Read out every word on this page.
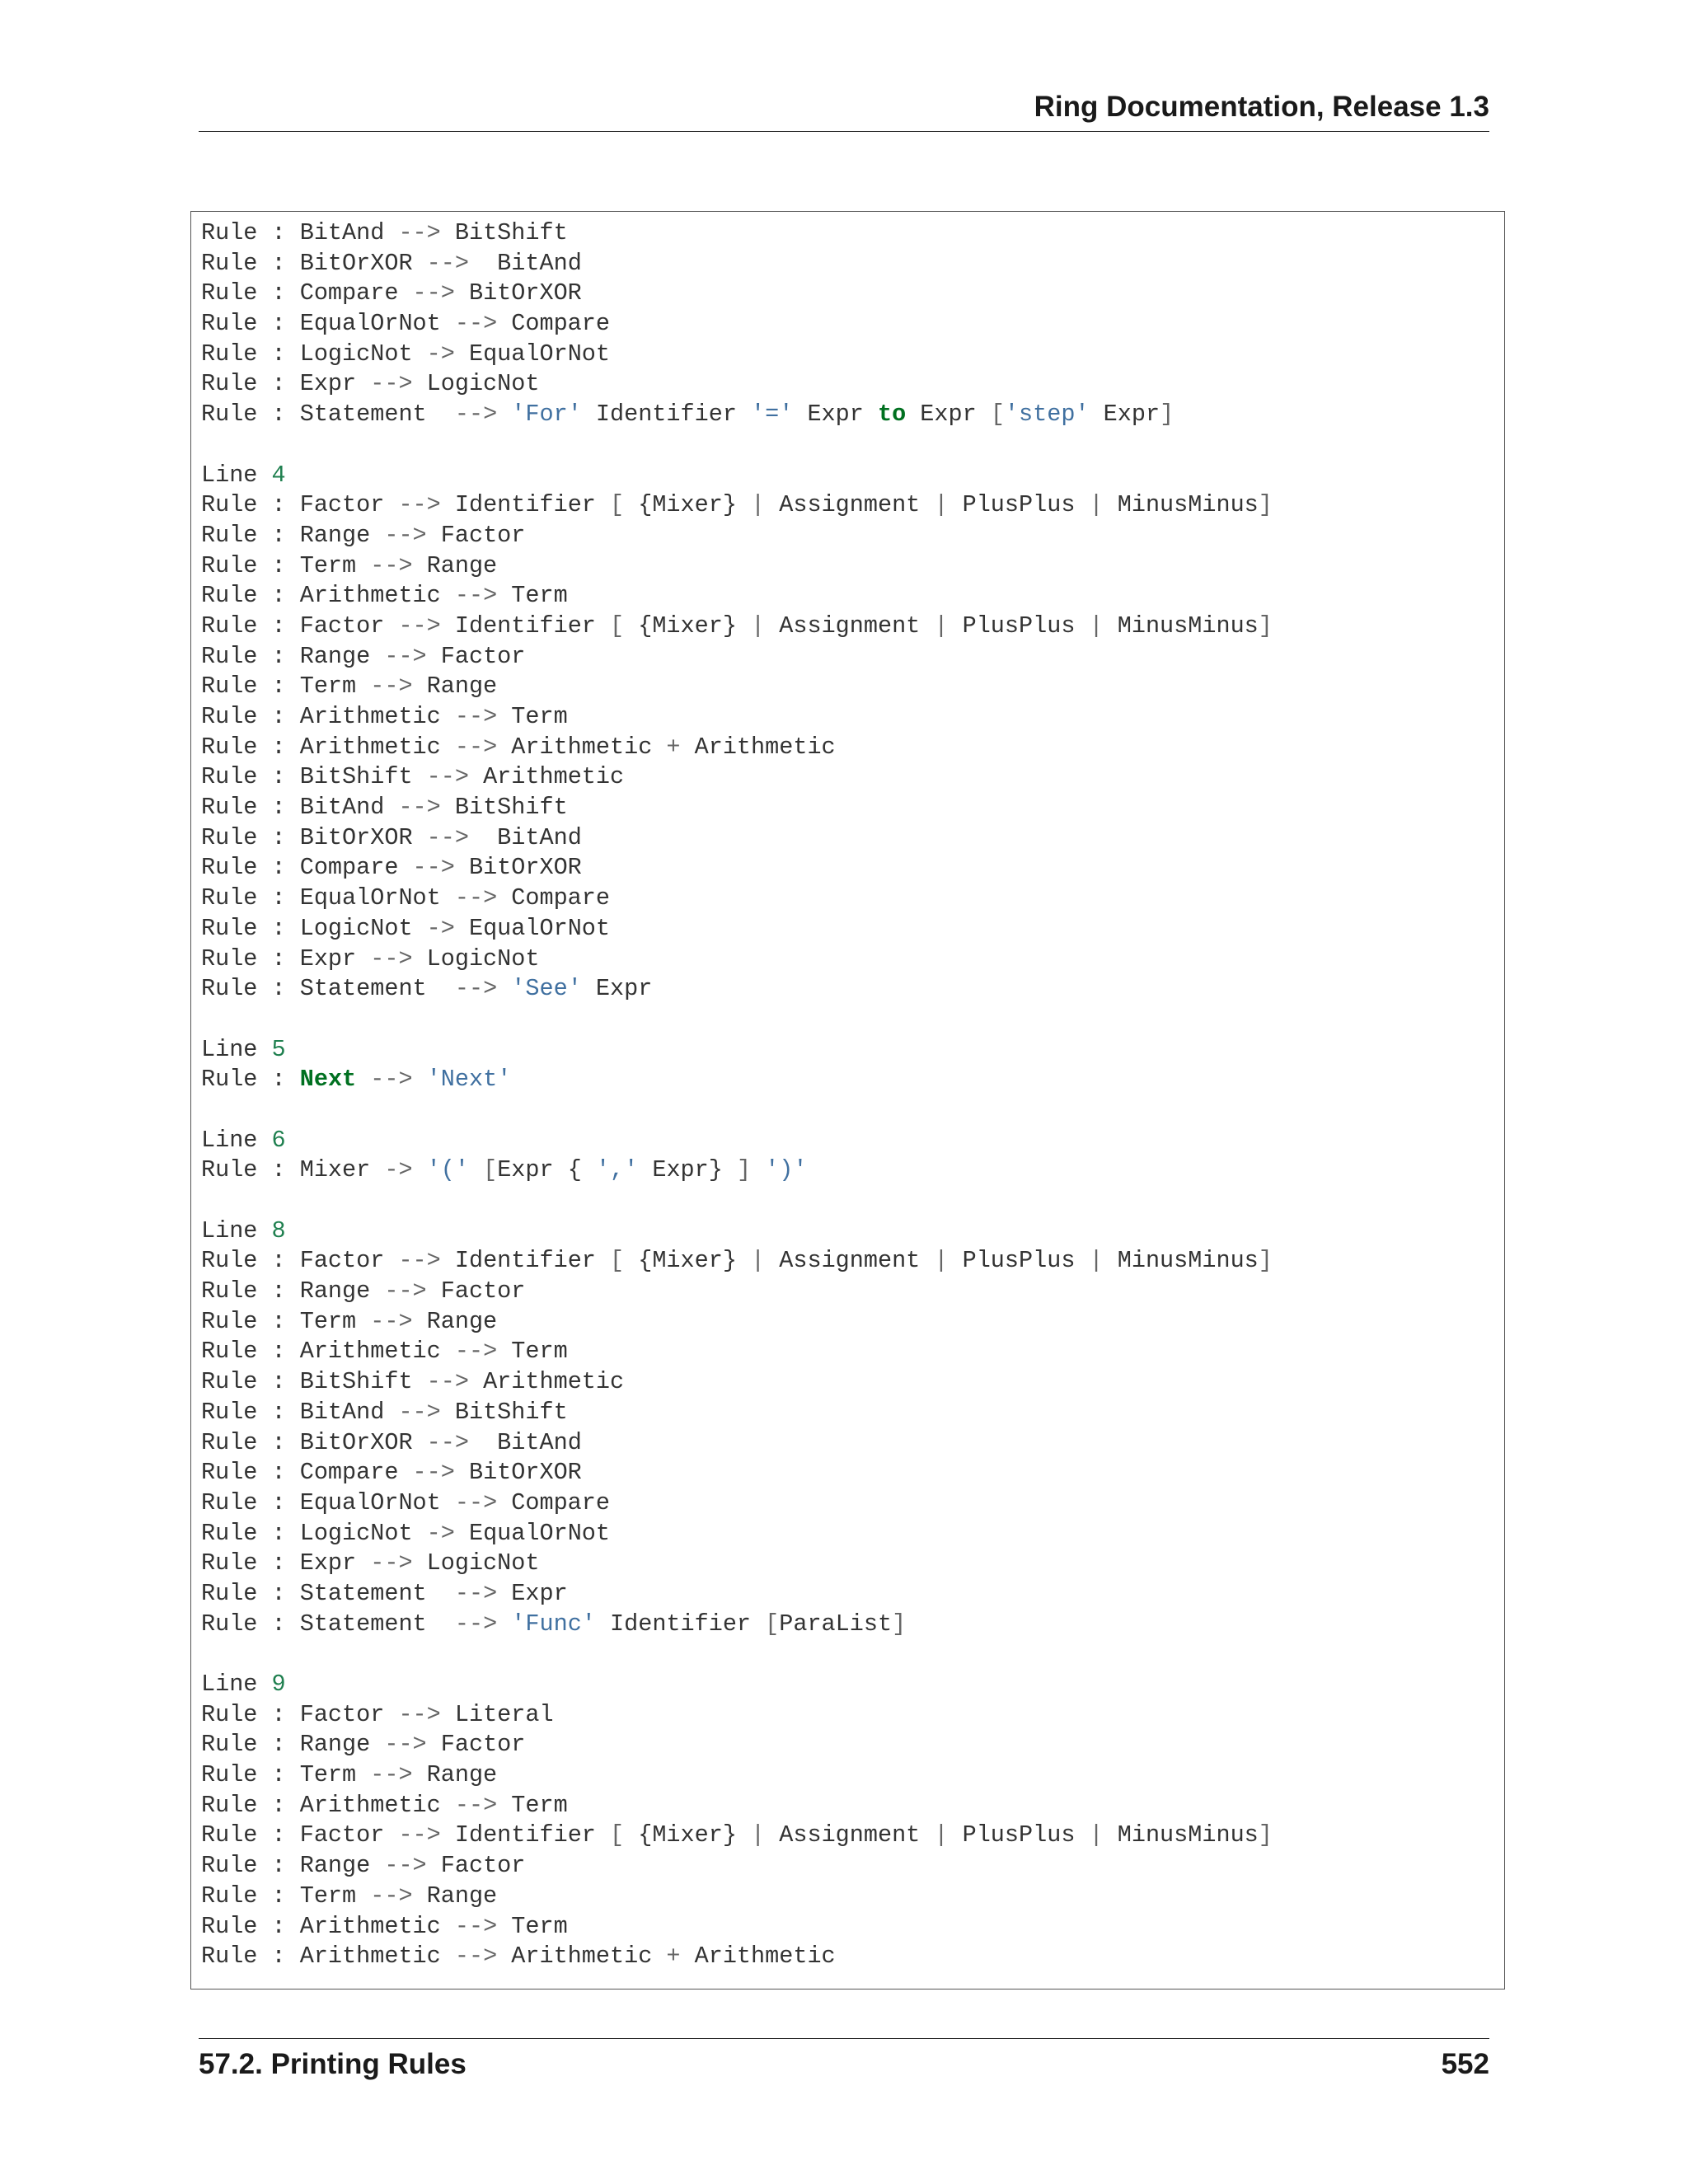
Ring Documentation, Release 1.3
Rule : BitAnd --> BitShift
Rule : BitOrXOR -->  BitAnd
Rule : Compare --> BitOrXOR
Rule : EqualOrNot --> Compare
Rule : LogicNot -> EqualOrNot
Rule : Expr --> LogicNot
Rule : Statement  --> 'For' Identifier '=' Expr to Expr ['step' Expr]
Line 4
Rule : Factor --> Identifier [ {Mixer} | Assignment | PlusPlus | MinusMinus]
Rule : Range --> Factor
Rule : Term --> Range
Rule : Arithmetic --> Term
Rule : Factor --> Identifier [ {Mixer} | Assignment | PlusPlus | MinusMinus]
Rule : Range --> Factor
Rule : Term --> Range
Rule : Arithmetic --> Term
Rule : Arithmetic --> Arithmetic + Arithmetic
Rule : BitShift --> Arithmetic
Rule : BitAnd --> BitShift
Rule : BitOrXOR -->  BitAnd
Rule : Compare --> BitOrXOR
Rule : EqualOrNot --> Compare
Rule : LogicNot -> EqualOrNot
Rule : Expr --> LogicNot
Rule : Statement  --> 'See' Expr
Line 5
Rule : Next --> 'Next'
Line 6
Rule : Mixer -> '(' [Expr { ',' Expr} ] ')'
Line 8
Rule : Factor --> Identifier [ {Mixer} | Assignment | PlusPlus | MinusMinus]
Rule : Range --> Factor
Rule : Term --> Range
Rule : Arithmetic --> Term
Rule : BitShift --> Arithmetic
Rule : BitAnd --> BitShift
Rule : BitOrXOR -->  BitAnd
Rule : Compare --> BitOrXOR
Rule : EqualOrNot --> Compare
Rule : LogicNot -> EqualOrNot
Rule : Expr --> LogicNot
Rule : Statement  --> Expr
Rule : Statement  --> 'Func' Identifier [ParaList]
Line 9
Rule : Factor --> Literal
Rule : Range --> Factor
Rule : Term --> Range
Rule : Arithmetic --> Term
Rule : Factor --> Identifier [ {Mixer} | Assignment | PlusPlus | MinusMinus]
Rule : Range --> Factor
Rule : Term --> Range
Rule : Arithmetic --> Term
Rule : Arithmetic --> Arithmetic + Arithmetic
57.2. Printing Rules	552
